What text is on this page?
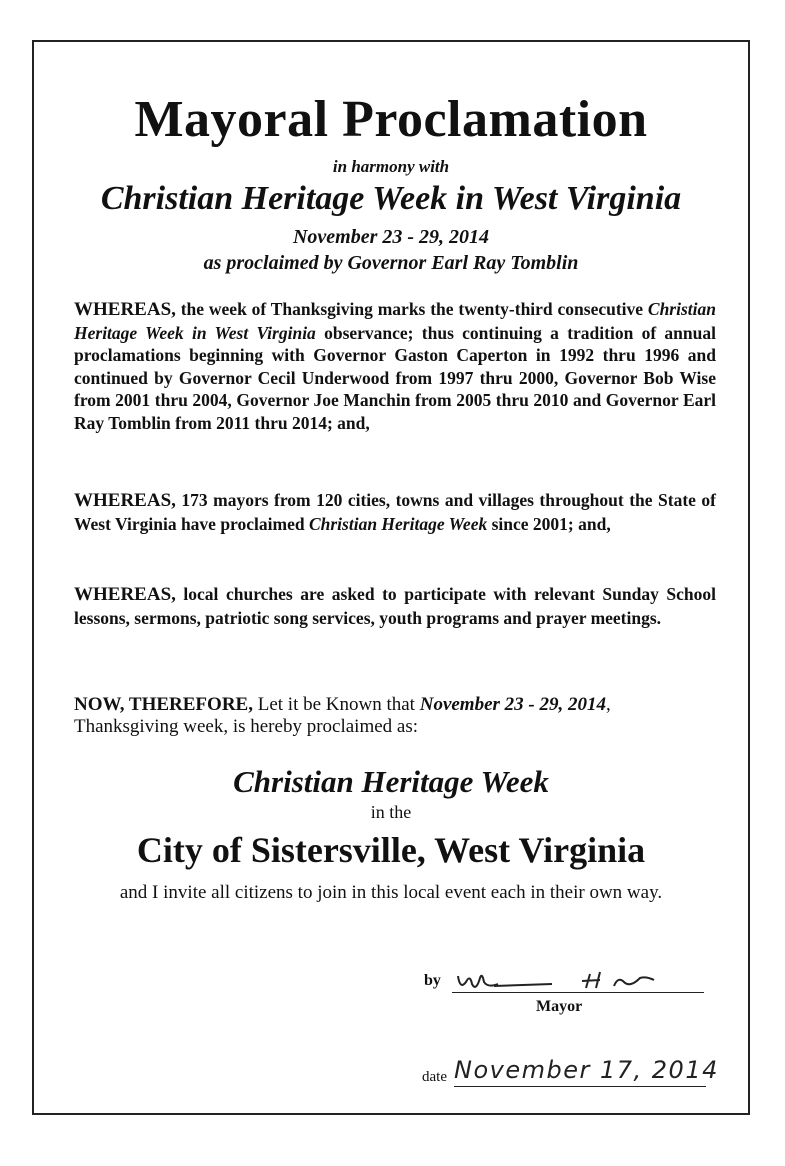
Mayoral Proclamation
in harmony with
Christian Heritage Week in West Virginia
November 23 - 29, 2014
as proclaimed by Governor Earl Ray Tomblin

WHEREAS, the week of Thanksgiving marks the twenty-third consecutive Christian Heritage Week in West Virginia observance; thus continuing a tradition of annual proclamations beginning with Governor Gaston Caperton in 1992 thru 1996 and continued by Governor Cecil Underwood from 1997 thru 2000, Governor Bob Wise from 2001 thru 2004, Governor Joe Manchin from 2005 thru 2010 and Governor Earl Ray Tomblin from 2011 thru 2014; and,

WHEREAS, 173 mayors from 120 cities, towns and villages throughout the State of West Virginia have proclaimed Christian Heritage Week since 2001; and,

WHEREAS, local churches are asked to participate with relevant Sunday School lessons, sermons, patriotic song services, youth programs and prayer meetings.

NOW, THEREFORE, Let it be Known that November 23 - 29, 2014,
Thanksgiving week, is hereby proclaimed as:

Christian Heritage Week
in the
City of Sistersville, West Virginia
and I invite all citizens to join in this local event each in their own way.
by
Mayor
date November 17, 2014
